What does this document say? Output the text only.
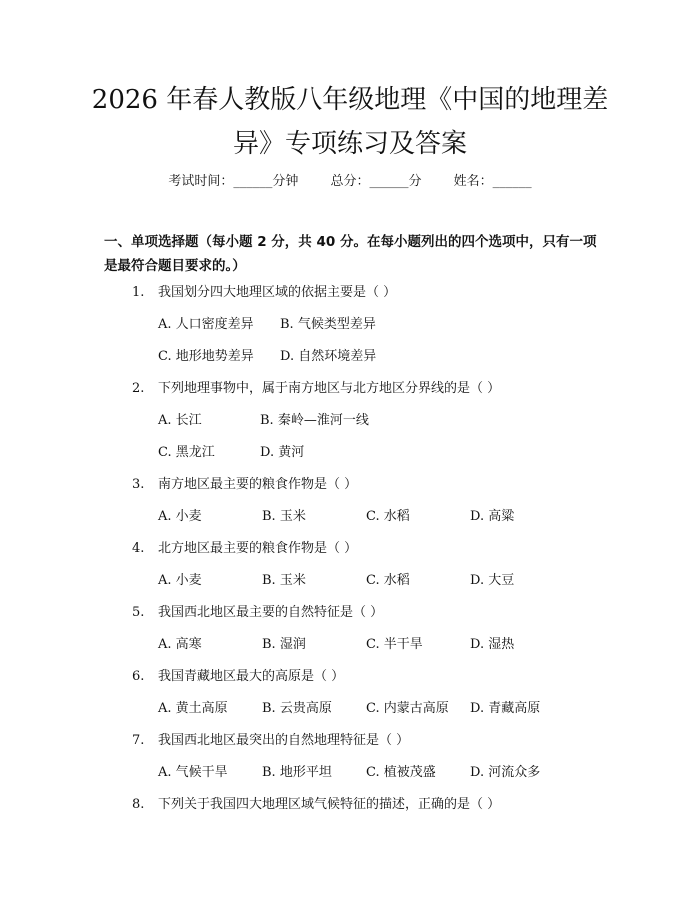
2026 年春人教版八年级地理《中国的地理差
异》专项练习及答案
考试时间：______分钟 总分：______分 姓名：______
一、单项选择题（每小题 2 分，共 40 分。在每小题列出的四个选项中，只有一项是最符合题目要求的。）
1. 我国划分四大地理区域的依据主要是（ ）
A. 人口密度差异 B. 气候类型差异
C. 地形地势差异 D. 自然环境差异
2. 下列地理事物中，属于南方地区与北方地区分界线的是（ ）
A. 长江	B. 秦岭—淮河一线
C. 黑龙江	D. 黄河
3. 南方地区最主要的粮食作物是（ ）
A. 小麦	B. 玉米	C. 水稻	D. 高粱
4. 北方地区最主要的粮食作物是（ ）
A. 小麦	B. 玉米	C. 水稻	D. 大豆
5. 我国西北地区最主要的自然特征是（ ）
A. 高寒	B. 湿润	C. 半干旱	D. 湿热
6. 我国青藏地区最大的高原是（ ）
A. 黄土高原	B. 云贵高原	C. 内蒙古高原 D. 青藏高原
7. 我国西北地区最突出的自然地理特征是（ ）
A. 气候干旱	B. 地形平坦	C. 植被茂盛	D. 河流众多
8. 下列关于我国四大地理区域气候特征的描述，正确的是（ ）
